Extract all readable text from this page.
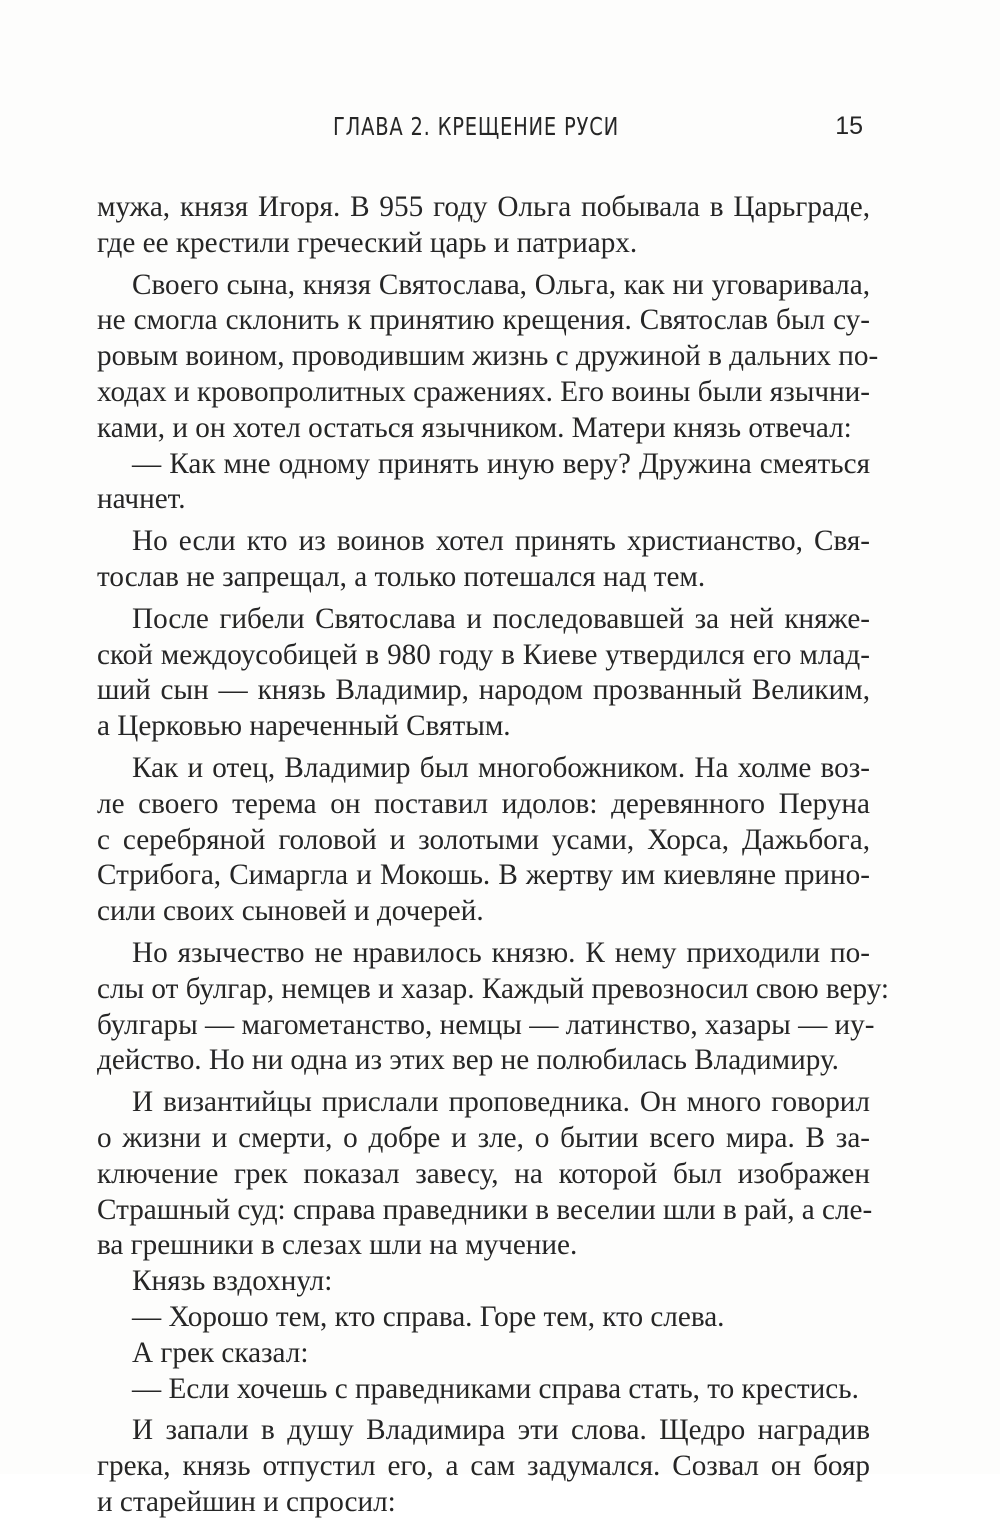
ГЛАВА 2. КРЕЩЕНИЕ РУСИ	15
мужа, князя Игоря. В 955 году Ольга побывала в Царьграде,
где ее крестили греческий царь и патриарх.
Своего сына, князя Святослава, Ольга, как ни уговаривала,
не смогла склонить к принятию крещения. Святослав был су-
ровым воином, проводившим жизнь с дружиной в дальних по-
ходах и кровопролитных сражениях. Его воины были язычни-
ками, и он хотел остаться язычником. Матери князь отвечал:
— Как мне одному принять иную веру? Дружина смеяться
начнет.
Но если кто из воинов хотел принять христианство, Свя-
тослав не запрещал, а только потешался над тем.
После гибели Святослава и последовавшей за ней княже-
ской междоусобицей в 980 году в Киеве утвердился его млад-
ший сын — князь Владимир, народом прозванный Великим,
а Церковью нареченный Святым.
Как и отец, Владимир был многобожником. На холме воз-
ле своего терема он поставил идолов: деревянного Перуна
с серебряной головой и золотыми усами, Хорса, Дажьбога,
Стрибога, Симаргла и Мокошь. В жертву им киевляне прино-
сили своих сыновей и дочерей.
Но язычество не нравилось князю. К нему приходили по-
слы от булгар, немцев и хазар. Каждый превозносил свою веру:
булгары — магометанство, немцы — латинство, хазары — иу-
действо. Но ни одна из этих вер не полюбилась Владимиру.
И византийцы прислали проповедника. Он много говорил
о жизни и смерти, о добре и зле, о бытии всего мира. В за-
ключение грек показал завесу, на которой был изображен
Страшный суд: справа праведники в веселии шли в рай, а сле-
ва грешники в слезах шли на мучение.
Князь вздохнул:
— Хорошо тем, кто справа. Горе тем, кто слева.
А грек сказал:
— Если хочешь с праведниками справа стать, то крестись.
И запали в душу Владимира эти слова. Щедро наградив
грека, князь отпустил его, а сам задумался. Созвал он бояр
и старейшин и спросил:
